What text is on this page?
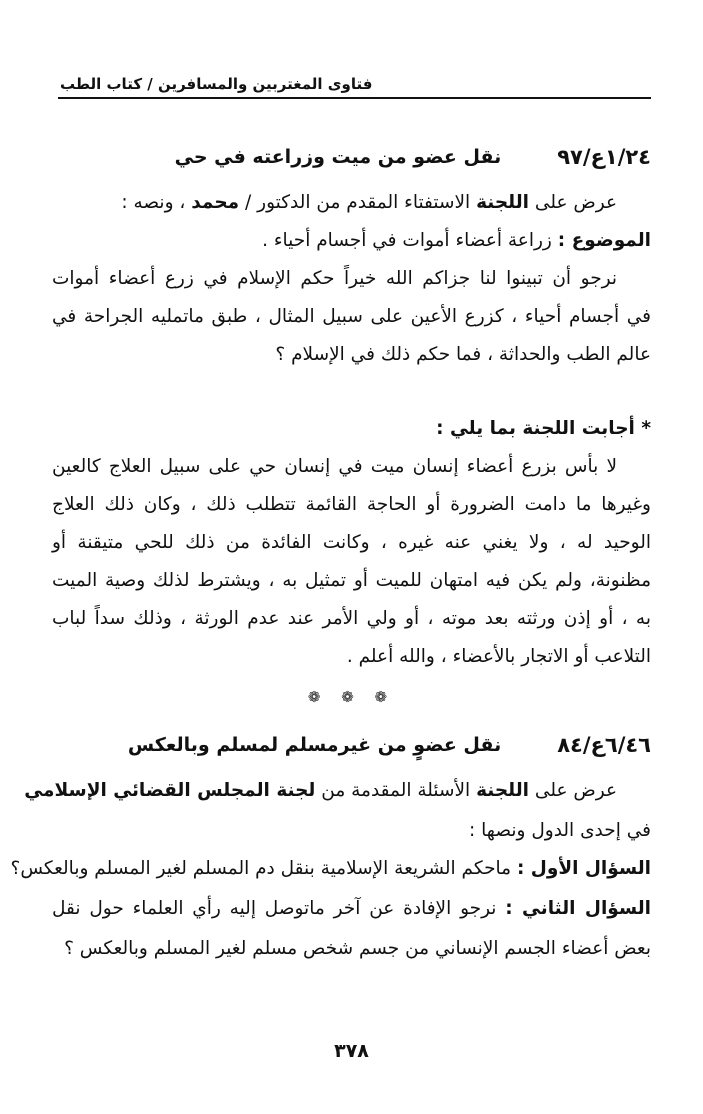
فتاوى المغتربين والمسافرين / كتاب الطب
١/٢٤ع/٩٧
نقل عضو من ميت وزراعته في حي
عرض على اللجنة الاستفتاء المقدم من الدكتور / محمد ، ونصه :
الموضوع : زراعة أعضاء أموات في أجسام أحياء .
نرجو أن تبينوا لنا جزاكم الله خيراً حكم الإسلام في زرع أعضاء أموات
في أجسام أحياء ، كزرع الأعين على سبيل المثال ، طبق ماتمليه الجراحة في
عالم الطب والحداثة ، فما حكم ذلك في الإسلام ؟
* أجابت اللجنة بما يلي :
لا بأس بزرع أعضاء إنسان ميت في إنسان حي على سبيل العلاج كالعين
وغيرها ما دامت الضرورة أو الحاجة القائمة تتطلب ذلك ، وكان ذلك العلاج
الوحيد له ، ولا يغني عنه غيره ، وكانت الفائدة من ذلك للحي متيقنة أو
مظنونة، ولم يكن فيه امتهان للميت أو تمثيل به ، ويشترط لذلك وصية الميت
به ، أو إذن ورثته بعد موته ، أو ولي الأمر عند عدم الورثة ، وذلك سداً لباب
التلاعب أو الاتجار بالأعضاء ، والله أعلم .
❁ ❁ ❁
٦/٤٦ع/٨٤
نقل عضوٍ من غيرمسلم لمسلم وبالعكس
عرض على اللجنة الأسئلة المقدمة من لجنة المجلس القضائي الإسلامي
في إحدى الدول ونصها :
السؤال الأول : ماحكم الشريعة الإسلامية بنقل دم المسلم لغير المسلم وبالعكس؟
السؤال الثاني : نرجو الإفادة عن آخر ماتوصل إليه رأي العلماء حول نقل
بعض أعضاء الجسم الإنساني من جسم شخص مسلم لغير المسلم وبالعكس ؟
٣٧٨
